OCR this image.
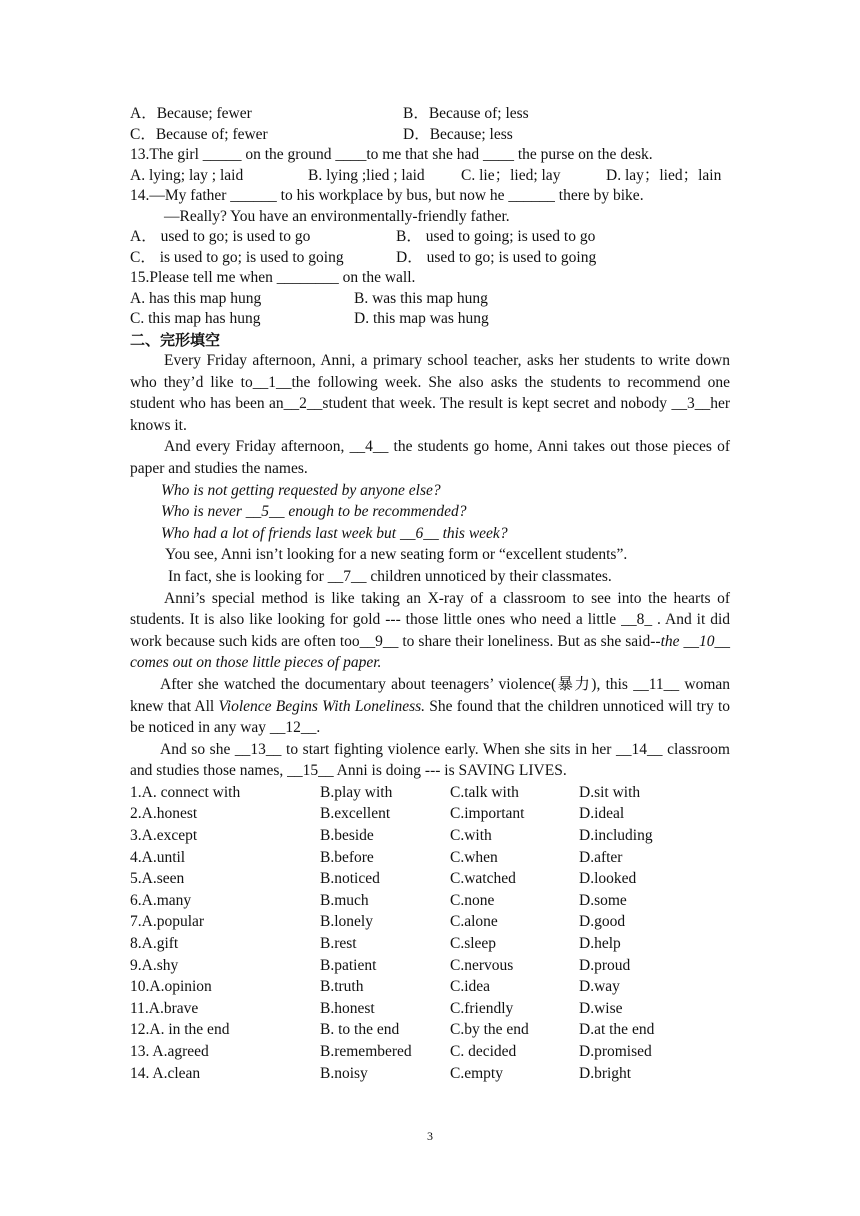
A．Because; fewer	B．Because of; less
C．Because of; fewer	D．Because; less
13.The girl _____ on the ground ____to me that she had ____ the purse on the desk.
A. lying; lay ; laid	B. lying ;lied ; laid C. lie；lied; lay	D. lay；lied；lain
14.—My father ______ to his workplace by bus, but now he ______ there by bike.
—Really? You have an environmentally-friendly father.
A． used to go; is used to go	B． used to going; is used to go
C． is used to go; is used to going	D． used to go; is used to going
15.Please tell me when ________ on the wall.
A. has this map hung	B. was this map hung
C. this map has hung	D. this map was hung
二、完形填空

Every Friday afternoon, Anni, a primary school teacher, asks her students to write down who they’d like to__1__the following week. She also asks the students to recommend one student who has been an__2__student that week. The result is kept secret and nobody __3__her knows it.

And every Friday afternoon, __4__ the students go home, Anni takes out those pieces of paper and studies the names.

Who is not getting requested by anyone else?
Who is never __5__ enough to be recommended?
Who had a lot of friends last week but __6__ this week?
You see, Anni isn’t looking for a new seating form or “excellent students”.
In fact, she is looking for __7__ children unnoticed by their classmates.

Anni’s special method is like taking an X-ray of a classroom to see into the hearts of students. It is also like looking for gold --- those little ones who need a little __8_ . And it did work because such kids are often too__9__ to share their loneliness. But as she said--the __10__ comes out on those little pieces of paper.

After she watched the documentary about teenagers’ violence(暴力), this __11__ woman knew that All Violence Begins With Loneliness. She found that the children unnoticed will try to be noticed in any way __12__.

And so she __13__ to start fighting violence early. When she sits in her __14__ classroom and studies those names, __15__ Anni is doing --- is SAVING LIVES.

1.A. connect with	B.play with	C.talk with	D.sit with
2.A.honest	B.excellent	C.important	D.ideal
3.A.except	B.beside	C.with	D.including
4.A.until	B.before	C.when	D.after
5.A.seen	B.noticed	C.watched	D.looked
6.A.many	B.much	C.none	D.some
7.A.popular	B.lonely	C.alone	D.good
8.A.gift	B.rest	C.sleep	D.help
9.A.shy	B.patient	C.nervous	D.proud
10.A.opinion	B.truth	C.idea	D.way
11.A.brave	B.honest	C.friendly	D.wise
12.A. in the end	B. to the end	C.by the end	D.at the end
13. A.agreed	B.remembered	C. decided	D.promised
14. A.clean	B.noisy	C.empty	D.bright
3
